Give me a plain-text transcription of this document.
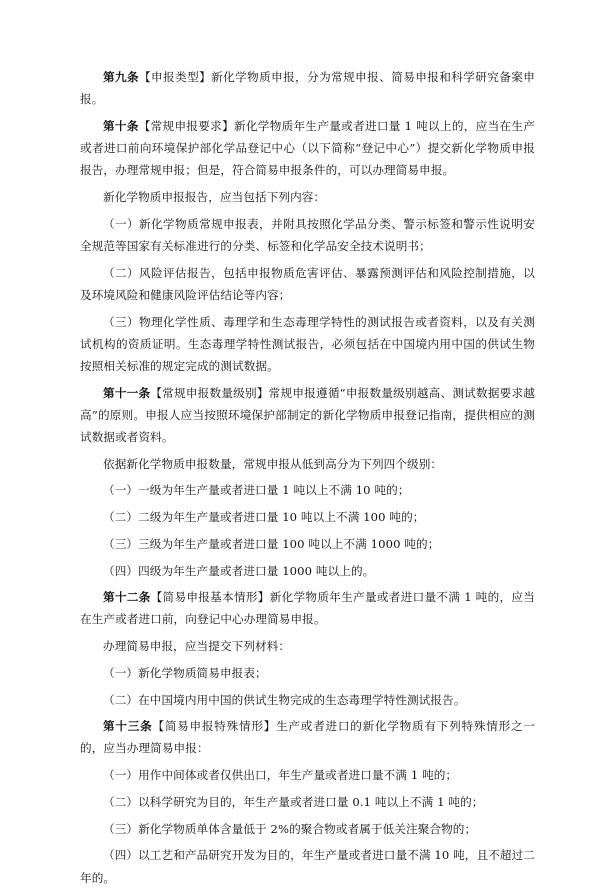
第九条【申报类型】新化学物质申报，分为常规申报、简易申报和科学研究备案申报。

第十条【常规申报要求】新化学物质年生产量或者进口量 1 吨以上的，应当在生产或者进口前向环境保护部化学品登记中心（以下简称“登记中心”）提交新化学物质申报报告，办理常规申报；但是，符合简易申报条件的，可以办理简易申报。

新化学物质申报报告，应当包括下列内容：

（一）新化学物质常规申报表，并附具按照化学品分类、警示标签和警示性说明安全规范等国家有关标准进行的分类、标签和化学品安全技术说明书；

（二）风险评估报告，包括申报物质危害评估、暴露预测评估和风险控制措施，以及环境风险和健康风险评估结论等内容；

（三）物理化学性质、毒理学和生态毒理学特性的测试报告或者资料，以及有关测试机构的资质证明。生态毒理学特性测试报告，必须包括在中国境内用中国的供试生物按照相关标准的规定完成的测试数据。

第十一条【常规申报数量级别】常规申报遵循“申报数量级别越高、测试数据要求越高”的原则。申报人应当按照环境保护部制定的新化学物质申报登记指南，提供相应的测试数据或者资料。

依据新化学物质申报数量，常规申报从低到高分为下列四个级别：

（一）一级为年生产量或者进口量 1 吨以上不满 10 吨的；

（二）二级为年生产量或者进口量 10 吨以上不满 100 吨的；

（三）三级为年生产量或者进口量 100 吨以上不满 1000 吨的；

（四）四级为年生产量或者进口量 1000 吨以上的。

第十二条【简易申报基本情形】新化学物质年生产量或者进口量不满 1 吨的，应当在生产或者进口前，向登记中心办理简易申报。

办理简易申报，应当提交下列材料：

（一）新化学物质简易申报表；

（二）在中国境内用中国的供试生物完成的生态毒理学特性测试报告。

第十三条【简易申报特殊情形】生产或者进口的新化学物质有下列特殊情形之一的，应当办理简易申报：

（一）用作中间体或者仅供出口，年生产量或者进口量不满 1 吨的；

（二）以科学研究为目的，年生产量或者进口量 0.1 吨以上不满 1 吨的；

（三）新化学物质单体含量低于 2%的聚合物或者属于低关注聚合物的；

（四）以工艺和产品研究开发为目的，年生产量或者进口量不满 10 吨，且不超过二年的。
